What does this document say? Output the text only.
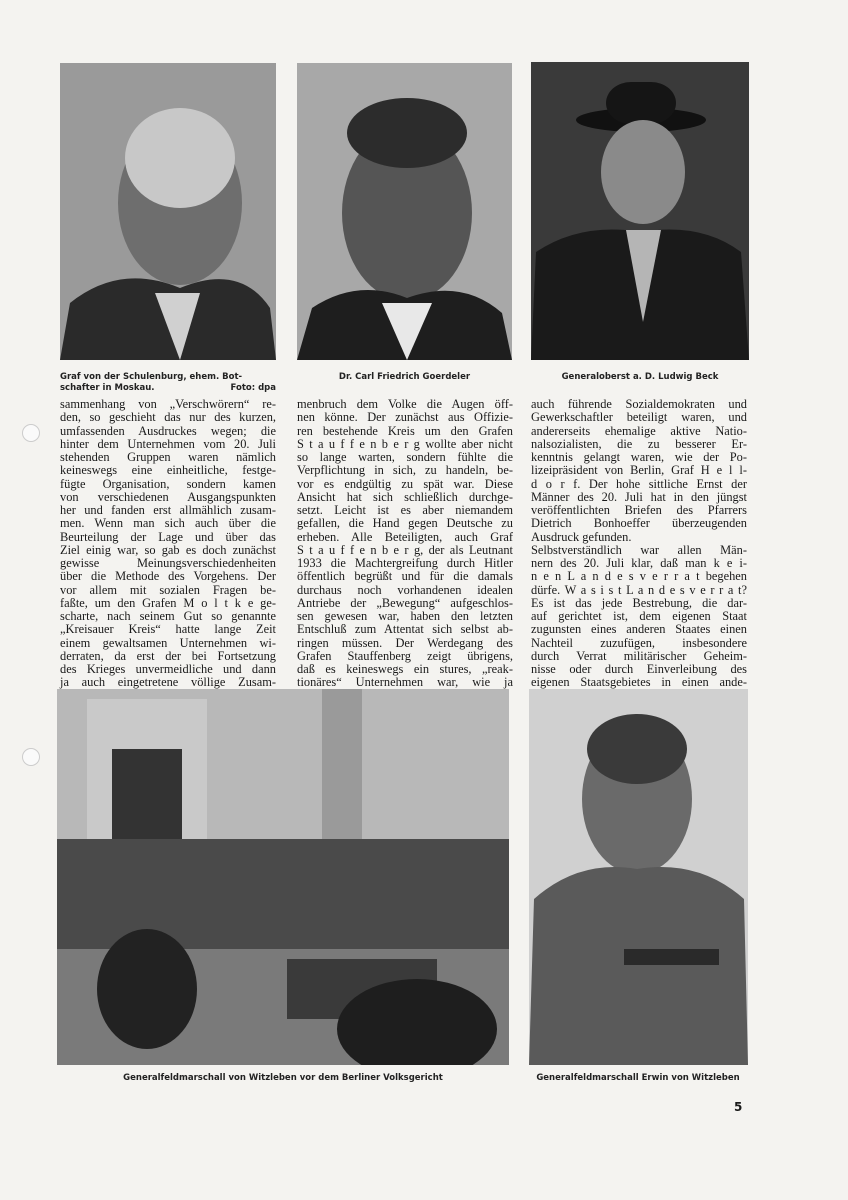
Graf von der Schulenburg, ehem. Bot-
schafter in Moskau.	Foto: dpa
Dr. Carl Friedrich Goerdeler	Generaloberst a. D. Ludwig Beck
sammenhang von „Verschwörern“ re-
den, so geschieht das nur des kurzen,
umfassenden Ausdruckes wegen; die
hinter dem Unternehmen vom 20. Juli
stehenden Gruppen waren nämlich
keineswegs eine einheitliche, festge-
fügte Organisation, sondern kamen
von verschiedenen Ausgangspunkten
her und fanden erst allmählich zusam-
men. Wenn man sich auch über die
Beurteilung der Lage und über das
Ziel einig war, so gab es doch zunächst
gewisse Meinungsverschiedenheiten
über die Methode des Vorgehens. Der
vor allem mit sozialen Fragen be-
faßte, um den Grafen M o l t k e ge-
scharte, nach seinem Gut so genannte
„Kreisauer Kreis“ hatte lange Zeit
einem gewaltsamen Unternehmen wi-
derraten, da erst der bei Fortsetzung
des Krieges unvermeidliche und dann
ja auch eingetretene völlige Zusam-
menbruch dem Volke die Augen öff-
nen könne. Der zunächst aus Offizie-
ren bestehende Kreis um den Grafen
S t a u f f e n b e r g wollte aber nicht
so lange warten, sondern fühlte die
Verpflichtung in sich, zu handeln, be-
vor es endgültig zu spät war. Diese
Ansicht hat sich schließlich durchge-
setzt. Leicht ist es aber niemandem
gefallen, die Hand gegen Deutsche zu
erheben. Alle Beteiligten, auch Graf
S t a u f f e n b e r g, der als Leutnant
1933 die Machtergreifung durch Hitler
öffentlich begrüßt und für die damals
durchaus noch vorhandenen idealen
Antriebe der „Bewegung“ aufgeschlos-
sen gewesen war, haben den letzten
Entschluß zum Attentat sich selbst ab-
ringen müssen. Der Werdegang des
Grafen Stauffenberg zeigt übrigens,
daß es keineswegs ein stures, „reak-
tionäres“ Unternehmen war, wie ja
auch führende Sozialdemokraten und
Gewerkschaftler beteiligt waren, und
andererseits ehemalige aktive Natio-
nalsozialisten, die zu besserer Er-
kenntnis gelangt waren, wie der Po-
lizeipräsident von Berlin, Graf H e l l-
d o r f. Der hohe sittliche Ernst der
Männer des 20. Juli hat in den jüngst
veröffentlichten Briefen des Pfarrers
Dietrich Bonhoeffer überzeugenden
Ausdruck gefunden.
Selbstverständlich war allen Män-
nern des 20. Juli klar, daß man k e i-
n e n L a n d e s v e r r a t begehen
dürfe. W a s i s t L a n d e s v e r r a t?
Es ist das jede Bestrebung, die dar-
auf gerichtet ist, dem eigenen Staat
zugunsten eines anderen Staates einen
Nachteil zuzufügen, insbesondere
durch Verrat militärischer Geheim-
nisse oder durch Einverleibung des
eigenen Staatsgebietes in einen ande-
Generalfeldmarschall von Witzleben vor dem Berliner Volksgericht	Generalfeldmarschall Erwin von Witzleben
5
